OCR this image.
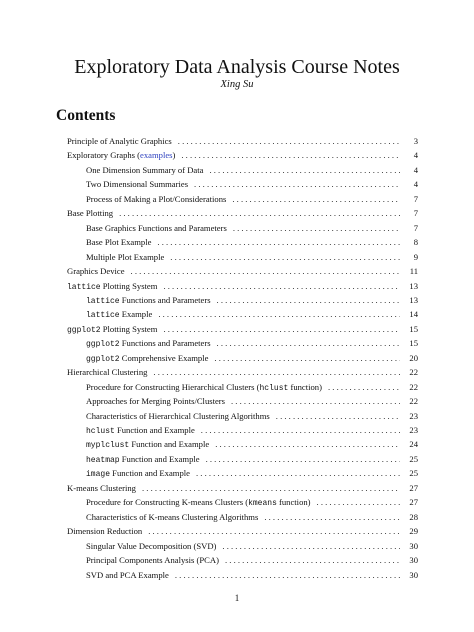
Exploratory Data Analysis Course Notes
Xing Su
Contents
Principle of Analytic Graphics . . .	3
Exploratory Graphs (examples) . . .	4
One Dimension Summary of Data . . .	4
Two Dimensional Summaries . . .	4
Process of Making a Plot/Considerations . . .	7
Base Plotting . . .	7
Base Graphics Functions and Parameters . . .	7
Base Plot Example . . .	8
Multiple Plot Example . . .	9
Graphics Device . . .	11
lattice Plotting System . . .	13
lattice Functions and Parameters . . .	13
lattice Example . . .	14
ggplot2 Plotting System . . .	15
ggplot2 Functions and Parameters . . .	15
ggplot2 Comprehensive Example . . .	20
Hierarchical Clustering . . .	22
Procedure for Constructing Hierarchical Clusters (hclust function) . . .	22
Approaches for Merging Points/Clusters . . .	22
Characteristics of Hierarchical Clustering Algorithms . . .	23
hclust Function and Example . . .	23
myplclust Function and Example . . .	24
heatmap Function and Example . . .	25
image Function and Example . . .	25
K-means Clustering . . .	27
Procedure for Constructing K-means Clusters (kmeans function) . . .	27
Characteristics of K-means Clustering Algorithms . . .	28
Dimension Reduction . . .	29
Singular Value Decomposition (SVD) . . .	30
Principal Components Analysis (PCA) . . .	30
SVD and PCA Example . . .	30
1
